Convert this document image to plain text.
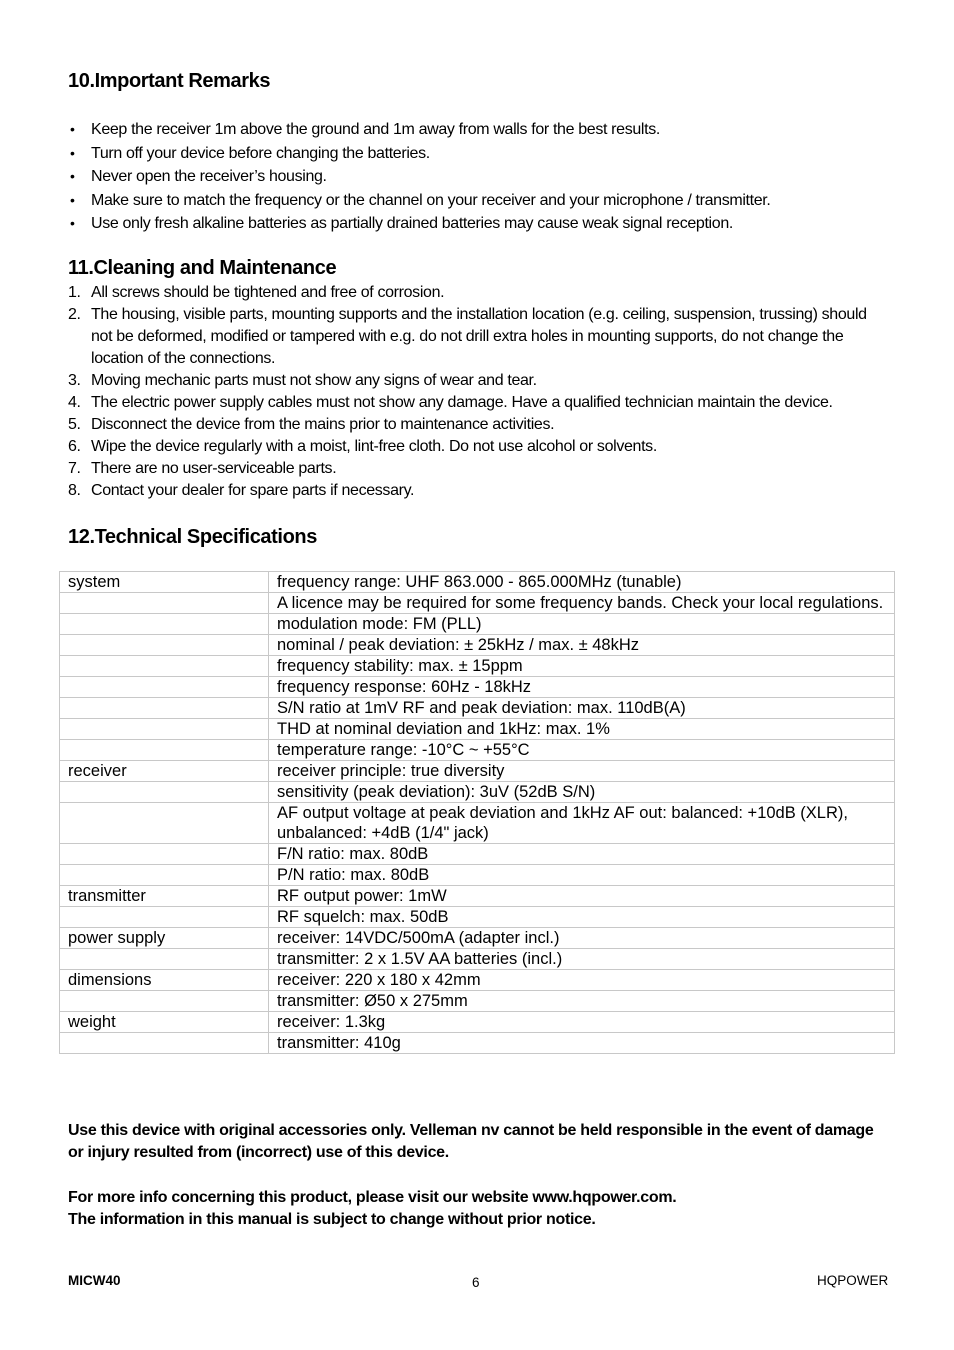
10.Important Remarks
• Keep the receiver 1m above the ground and 1m away from walls for the best results.
• Turn off your device before changing the batteries.
• Never open the receiver’s housing.
• Make sure to match the frequency or the channel on your receiver and your microphone / transmitter.
• Use only fresh alkaline batteries as partially drained batteries may cause weak signal reception.
11.Cleaning and Maintenance
1. All screws should be tightened and free of corrosion.
2. The housing, visible parts, mounting supports and the installation location (e.g. ceiling, suspension, trussing) should not be deformed, modified or tampered with e.g. do not drill extra holes in mounting supports, do not change the location of the connections.
3. Moving mechanic parts must not show any signs of wear and tear.
4. The electric power supply cables must not show any damage. Have a qualified technician maintain the device.
5. Disconnect the device from the mains prior to maintenance activities.
6. Wipe the device regularly with a moist, lint-free cloth. Do not use alcohol or solvents.
7. There are no user-serviceable parts.
8. Contact your dealer for spare parts if necessary.
12.Technical Specifications
system	frequency range: UHF 863.000 - 865.000MHz (tunable)
	A licence may be required for some frequency bands. Check your local regulations.
	modulation mode: FM (PLL)
	nominal / peak deviation: ± 25kHz / max. ± 48kHz
	frequency stability: max. ± 15ppm
	frequency response: 60Hz - 18kHz
	S/N ratio at 1mV RF and peak deviation: max. 110dB(A)
	THD at nominal deviation and 1kHz: max. 1%
	temperature range: -10°C ~ +55°C
receiver	receiver principle: true diversity
	sensitivity (peak deviation): 3uV (52dB S/N)
	AF output voltage at peak deviation and 1kHz AF out: balanced: +10dB (XLR), unbalanced: +4dB (1/4" jack)
	F/N ratio: max. 80dB
	P/N ratio: max. 80dB
transmitter	RF output power: 1mW
	RF squelch: max. 50dB
power supply	receiver: 14VDC/500mA (adapter incl.)
	transmitter: 2 x 1.5V AA batteries (incl.)
dimensions	receiver: 220 x 180 x 42mm
	transmitter: Ø50 x 275mm
weight	receiver: 1.3kg
	transmitter: 410g
Use this device with original accessories only. Velleman nv cannot be held responsible in the event of damage or injury resulted from (incorrect) use of this device.
For more info concerning this product, please visit our website www.hqpower.com.
The information in this manual is subject to change without prior notice.
MICW40	6	HQPOWER
